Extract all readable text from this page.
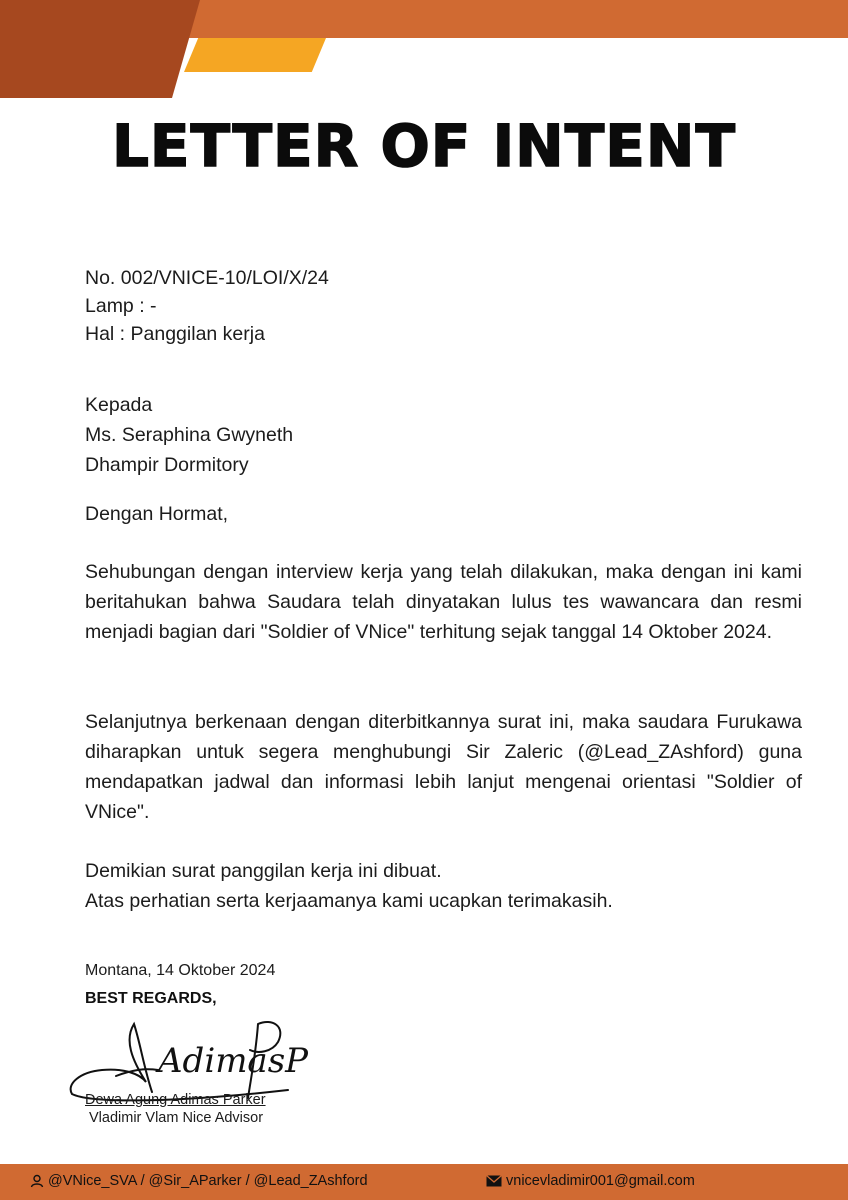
LETTER OF INTENT
No. 002/VNICE-10/LOI/X/24
Lamp : -
Hal : Panggilan kerja
Kepada
Ms. Seraphina Gwyneth
Dhampir Dormitory
Dengan Hormat,
Sehubungan dengan interview kerja yang telah dilakukan, maka dengan ini kami beritahukan bahwa Saudara telah dinyatakan lulus tes wawancara dan resmi menjadi bagian dari "Soldier of VNice" terhitung sejak tanggal 14 Oktober 2024.
Selanjutnya berkenaan dengan diterbitkannya surat ini, maka saudara Furukawa diharapkan untuk segera menghubungi Sir Zaleric (@Lead_ZAshford) guna mendapatkan jadwal dan informasi lebih lanjut mengenai orientasi "Soldier of VNice".
Demikian surat panggilan kerja ini dibuat.
Atas perhatian serta kerjaamanya kami ucapkan terimakasih.
Montana, 14 Oktober 2024
BEST REGARDS,
AdimasP
Dewa Agung Adimas Parker
Vladimir Vlam Nice Advisor
@VNice_SVA / @Sir_AParker / @Lead_ZAshford	vnicevladimir001@gmail.com
